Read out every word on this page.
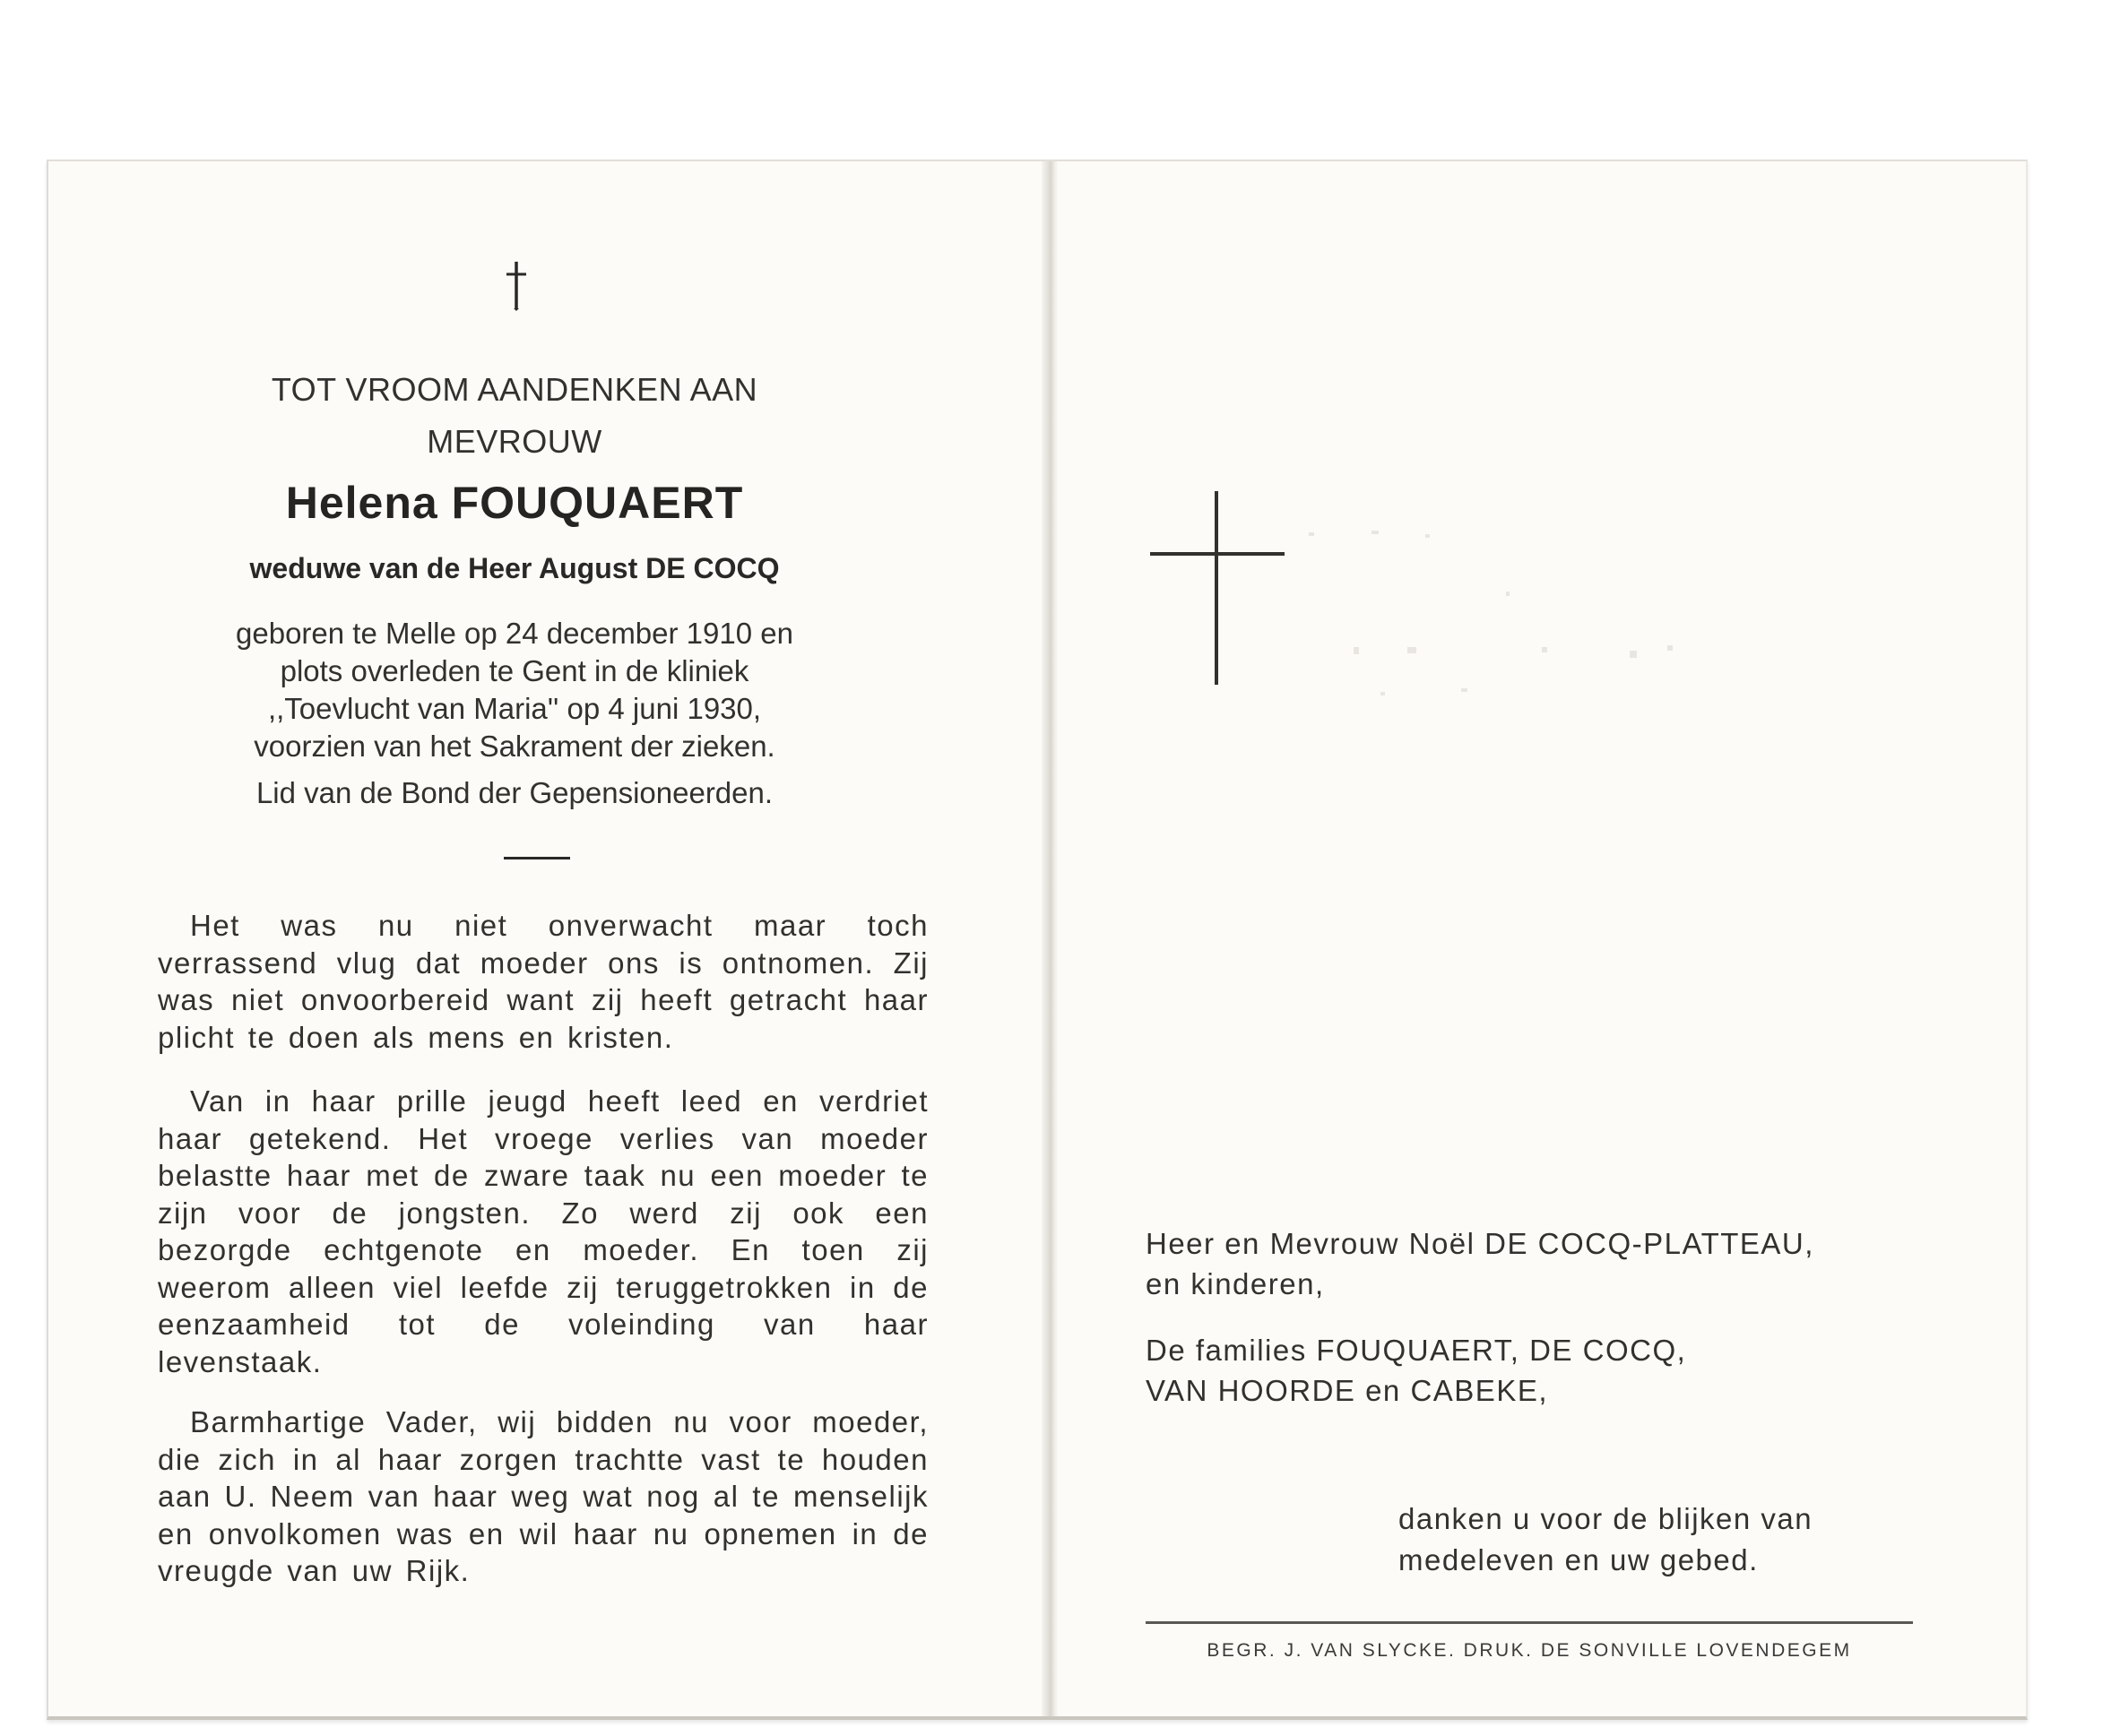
TOT VROOM AANDENKEN AAN

MEVROUW

Helena FOUQUAERT

weduwe van de Heer August DE COCQ

geboren te Melle op 24 december 1910 en

plots overleden te Gent in de kliniek

,,Toevlucht van Maria'' op 4 juni 1930,

voorzien van het Sakrament der zieken.

Lid van de Bond der Gepensioneerden.

Het was nu niet onverwacht maar toch verrassend vlug dat moeder ons is ontnomen. Zij was niet onvoorbereid want zij heeft getracht haar plicht te doen als mens en kristen.

Van in haar prille jeugd heeft leed en verdriet haar getekend. Het vroege verlies van moeder belastte haar met de zware taak nu een moeder te zijn voor de jongsten. Zo werd zij ook een bezorgde echtgenote en moeder. En toen zij weerom alleen viel leefde zij teruggetrokken in de eenzaamheid tot de voleinding van haar levenstaak.

Barmhartige Vader, wij bidden nu voor moeder, die zich in al haar zorgen trachtte vast te houden aan U. Neem van haar weg wat nog al te menselijk en onvolkomen was en wil haar nu opnemen in de vreugde van uw Rijk.

Heer en Mevrouw Noël DE COCQ-PLATTEAU,

en kinderen,

De families FOUQUAERT, DE COCQ,

VAN HOORDE en CABEKE,

danken u voor de blijken van

medeleven en uw gebed.

BEGR. J. VAN SLYCKE. DRUK. DE SONVILLE LOVENDEGEM
